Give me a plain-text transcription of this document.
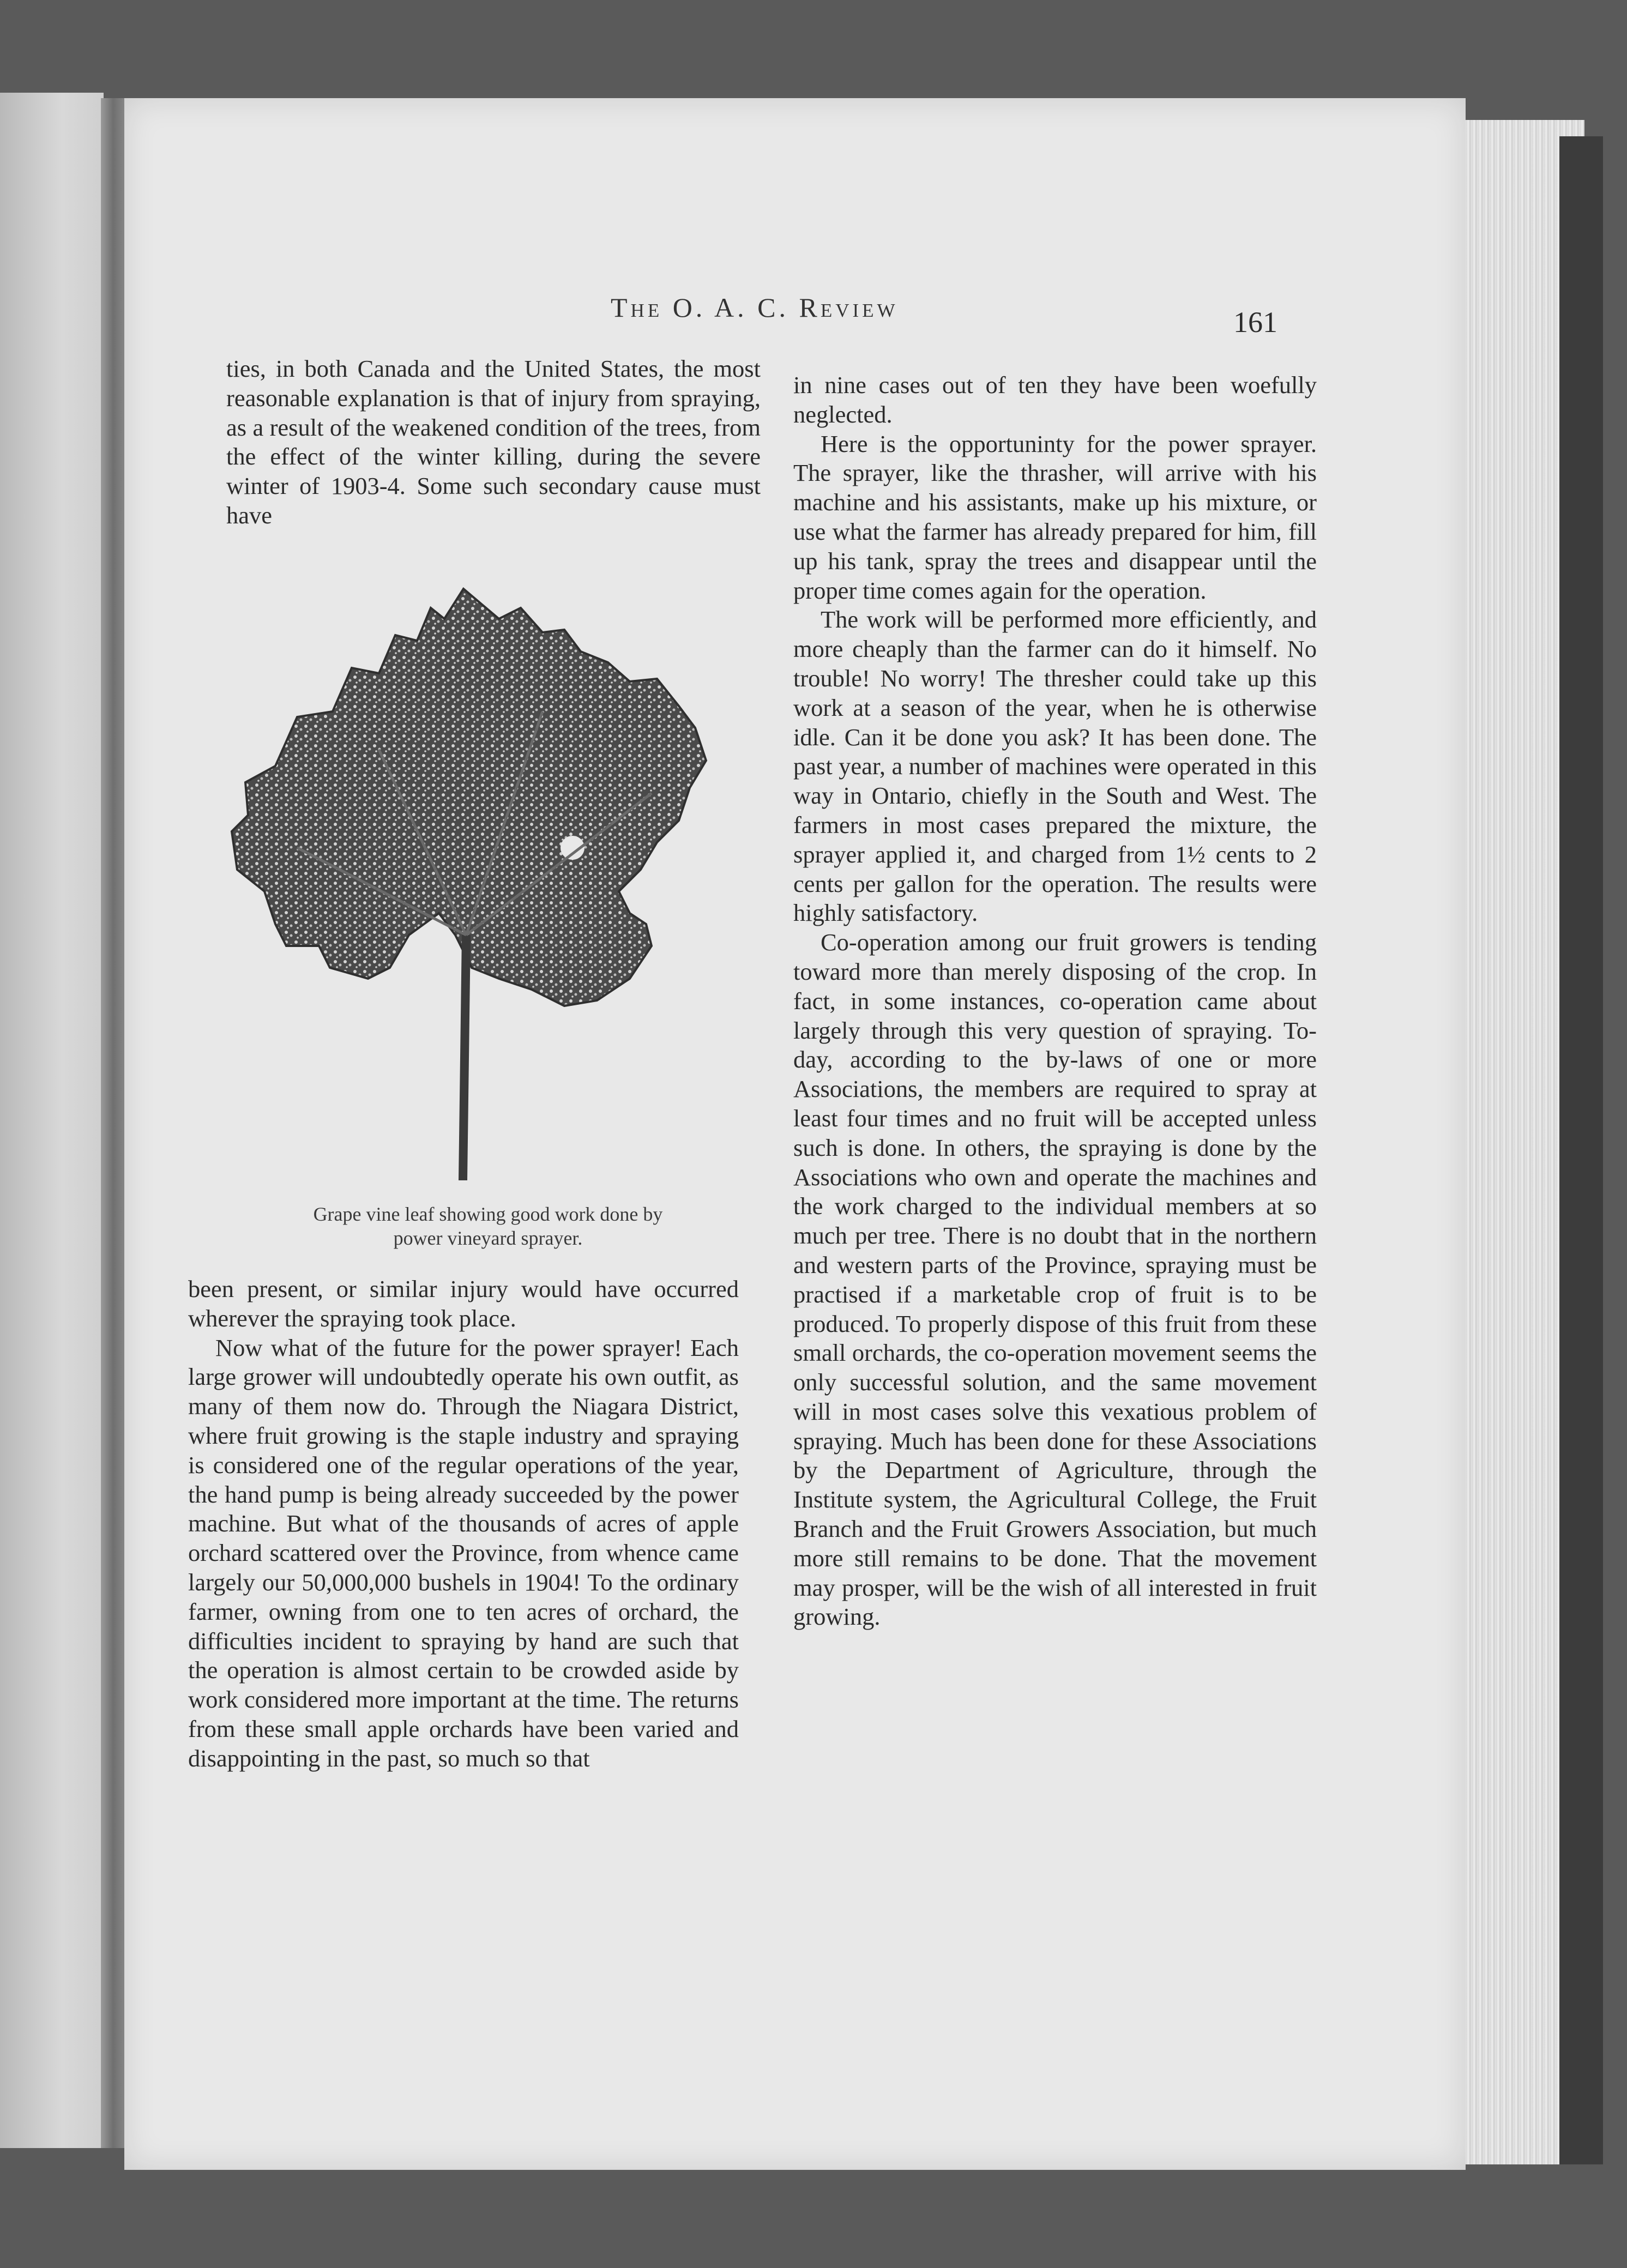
The O. A. C. Review	161

ties, in both Canada and the United States, the most reasonable explanation is that of injury from spraying, as a result of the weakened condition of the trees, from the effect of the winter killing, during the severe winter of 1903-4. Some such secondary cause must have

Grape vine leaf showing good work done by
power vineyard sprayer.

been present, or similar injury would have occurred wherever the spraying took place.

Now what of the future for the power sprayer! Each large grower will undoubtedly operate his own outfit, as many of them now do. Through the Niagara District, where fruit growing is the staple industry and spraying is considered one of the regular operations of the year, the hand pump is being already succeeded by the power machine. But what of the thousands of acres of apple orchard scattered over the Province, from whence came largely our 50,000,000 bushels in 1904! To the ordinary farmer, owning from one to ten acres of orchard, the difficulties incident to spraying by hand are such that the operation is almost certain to be crowded aside by work considered more important at the time. The returns from these small apple orchards have been varied and disappointing in the past, so much so that

in nine cases out of ten they have been woefully neglected.

Here is the opportuninty for the power sprayer. The sprayer, like the thrasher, will arrive with his machine and his assistants, make up his mixture, or use what the farmer has already prepared for him, fill up his tank, spray the trees and disappear until the proper time comes again for the operation.

The work will be performed more efficiently, and more cheaply than the farmer can do it himself. No trouble! No worry! The thresher could take up this work at a season of the year, when he is otherwise idle. Can it be done you ask? It has been done. The past year, a number of machines were operated in this way in Ontario, chiefly in the South and West. The farmers in most cases prepared the mixture, the sprayer applied it, and charged from 1½ cents to 2 cents per gallon for the operation. The results were highly satisfactory.

Co-operation among our fruit growers is tending toward more than merely disposing of the crop. In fact, in some instances, co-operation came about largely through this very question of spraying. To-day, according to the by-laws of one or more Associations, the members are required to spray at least four times and no fruit will be accepted unless such is done. In others, the spraying is done by the Associations who own and operate the machines and the work charged to the individual members at so much per tree. There is no doubt that in the northern and western parts of the Province, spraying must be practised if a marketable crop of fruit is to be produced. To properly dispose of this fruit from these small orchards, the co-operation movement seems the only successful solution, and the same movement will in most cases solve this vexatious problem of spraying. Much has been done for these Associations by the Department of Agriculture, through the Institute system, the Agricultural College, the Fruit Branch and the Fruit Growers Association, but much more still remains to be done. That the movement may prosper, will be the wish of all interested in fruit growing.
